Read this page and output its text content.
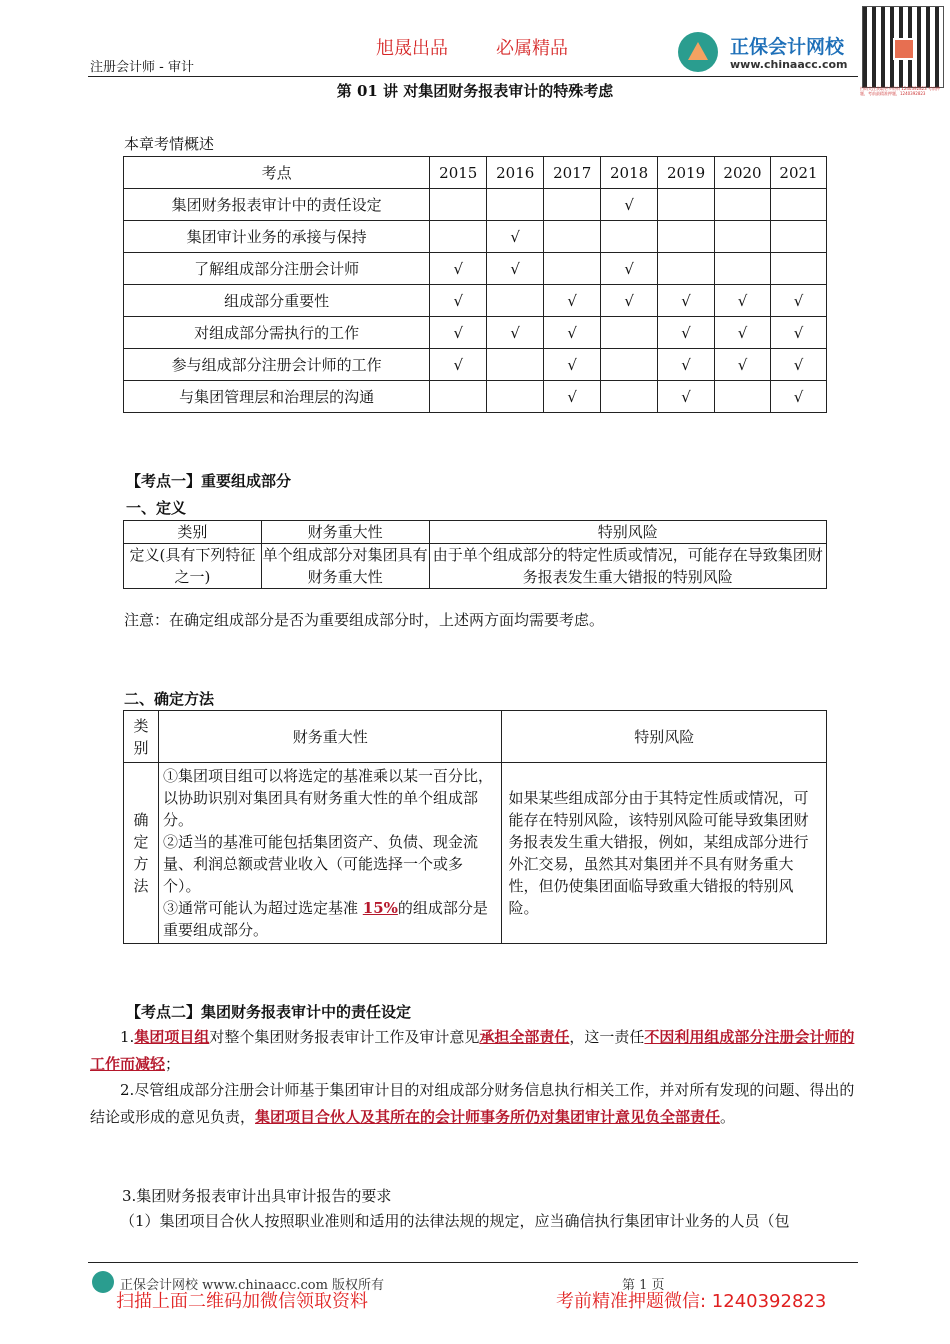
旭晟出品	必属精品
注册会计师 - 审计
正保会计网校
www.chinaacc.com
扫码关注获取更多资料 1240392823 考前押题，考前最精准押题，1240392823
第 01 讲 对集团财务报表审计的特殊考虑
本章考情概述
考点	2015	2016	2017	2018	2019	2020	2021
集团财务报表审计中的责任设定				√			
集团审计业务的承接与保持		√					
了解组成部分注册会计师	√	√		√			
组成部分重要性	√		√	√	√	√	√
对组成部分需执行的工作	√	√	√		√	√	√
参与组成部分注册会计师的工作	√		√		√	√	√
与集团管理层和治理层的沟通			√		√		√
【考点一】重要组成部分
一、定义
类别	财务重大性	特别风险
定义(具有下列特征之一)	单个组成部分对集团具有财务重大性	由于单个组成部分的特定性质或情况，可能存在导致集团财务报表发生重大错报的特别风险
注意：在确定组成部分是否为重要组成部分时，上述两方面均需要考虑。
二、确定方法
类别	财务重大性	特别风险
确定方法	①集团项目组可以将选定的基准乘以某一百分比，以协助识别对集团具有财务重大性的单个组成部分。
②适当的基准可能包括集团资产、负债、现金流量、利润总额或营业收入（可能选择一个或多个）。
③通常可能认为超过选定基准 15%的组成部分是重要组成部分。	如果某些组成部分由于其特定性质或情况，可能存在特别风险，该特别风险可能导致集团财务报表发生重大错报，例如，某组成部分进行外汇交易，虽然其对集团并不具有财务重大性，但仍使集团面临导致重大错报的特别风险。
【考点二】集团财务报表审计中的责任设定
1.集团项目组对整个集团财务报表审计工作及审计意见承担全部责任，这一责任不因利用组成部分注册会计师的工作而减轻；
2.尽管组成部分注册会计师基于集团审计目的对组成部分财务信息执行相关工作，并对所有发现的问题、得出的结论或形成的意见负责，集团项目合伙人及其所在的会计师事务所仍对集团审计意见负全部责任。
3.集团财务报表审计出具审计报告的要求
（1）集团项目合伙人按照职业准则和适用的法律法规的规定，应当确信执行集团审计业务的人员（包
正保会计网校 www.chinaacc.com 版权所有	第 1 页
扫描上面二维码加微信领取资料	考前精准押题微信: 1240392823
